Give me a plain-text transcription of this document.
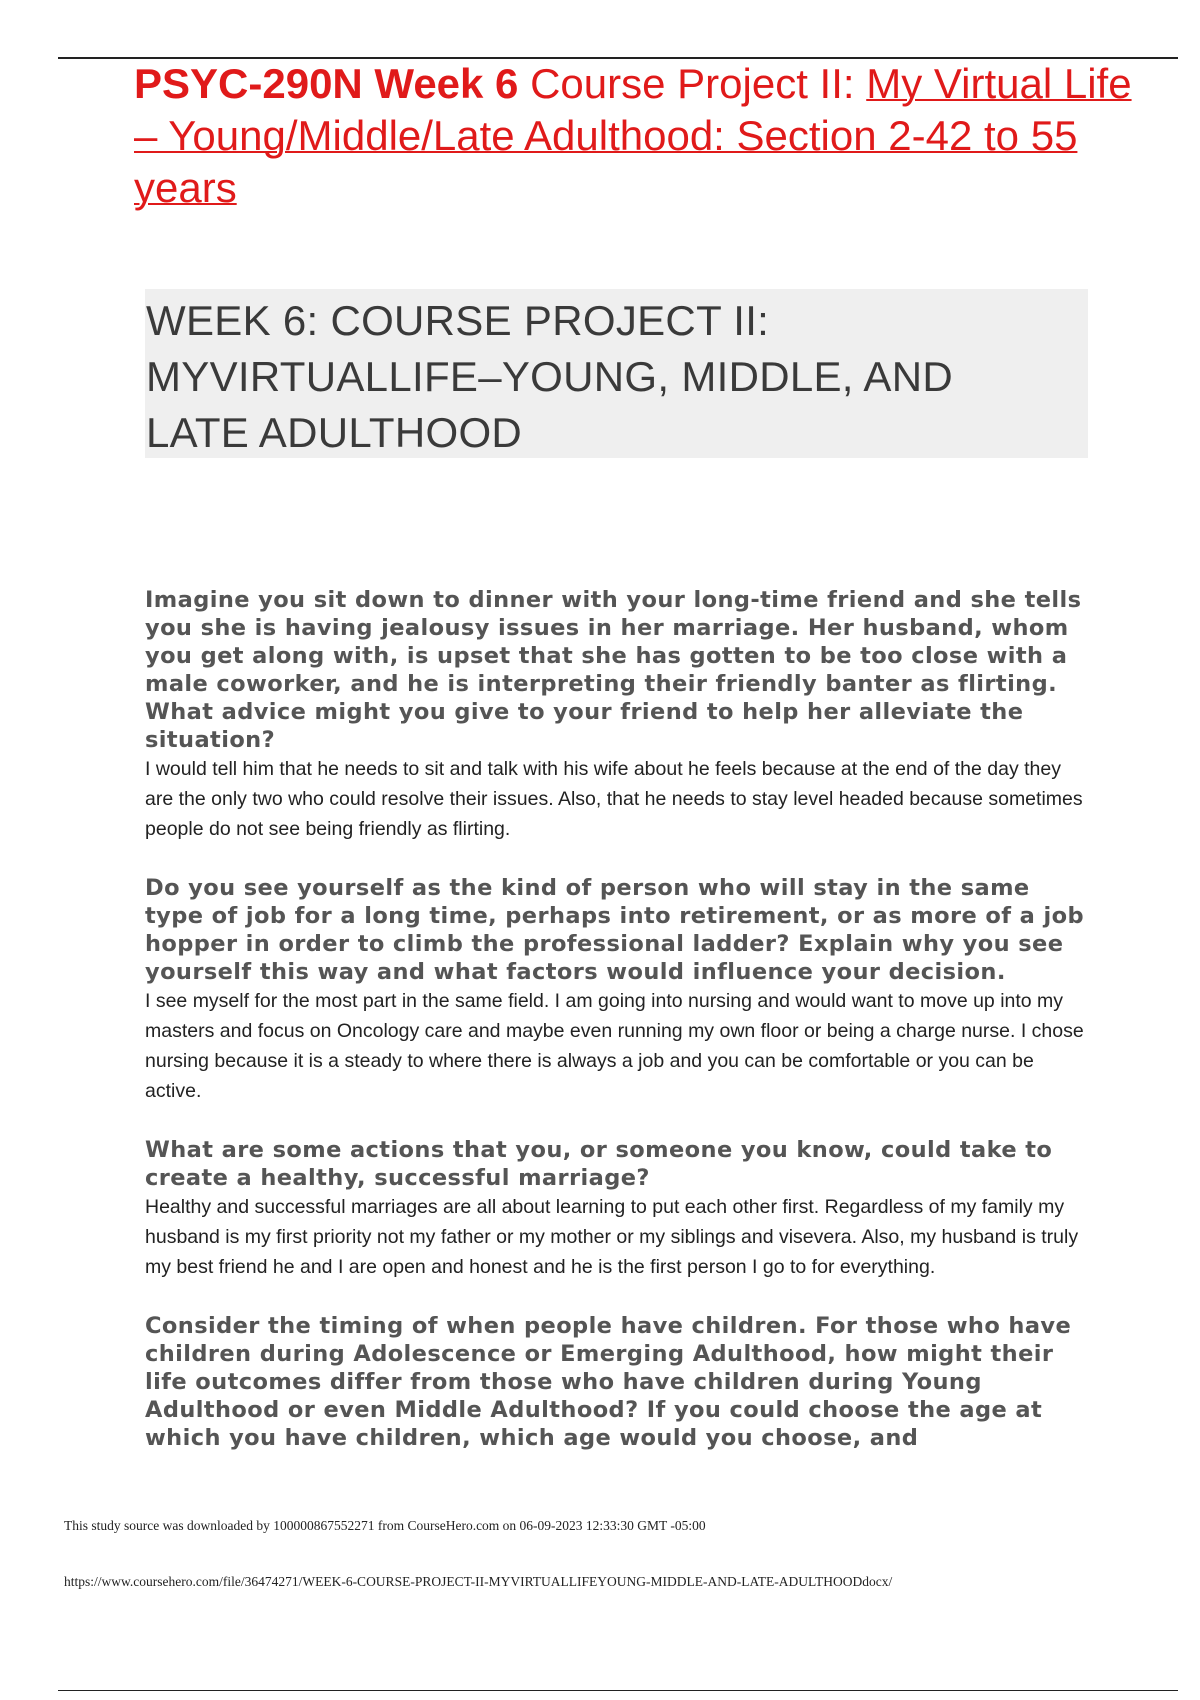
PSYC-290N Week 6 Course Project II: My Virtual Life – Young/Middle/Late Adulthood: Section 2-42 to 55 years

WEEK 6: COURSE PROJECT II:

MYVIRTUALLIFE–YOUNG, MIDDLE, AND

LATE ADULTHOOD

Imagine you sit down to dinner with your long-time friend and she tells you she is having jealousy issues in her marriage. Her husband, whom you get along with, is upset that she has gotten to be too close with a male coworker, and he is interpreting their friendly banter as flirting. What advice might you give to your friend to help her alleviate the situation?

I would tell him that he needs to sit and talk with his wife about he feels because at the end of the day they are the only two who could resolve their issues. Also, that he needs to stay level headed because sometimes people do not see being friendly as flirting.

Do you see yourself as the kind of person who will stay in the same type of job for a long time, perhaps into retirement, or as more of a job hopper in order to climb the professional ladder? Explain why you see yourself this way and what factors would influence your decision.

I see myself for the most part in the same field. I am going into nursing and would want to move up into my masters and focus on Oncology care and maybe even running my own floor or being a charge nurse. I chose nursing because it is a steady to where there is always a job and you can be comfortable or you can be active.

What are some actions that you, or someone you know, could take to create a healthy, successful marriage?

Healthy and successful marriages are all about learning to put each other first. Regardless of my family my husband is my first priority not my father or my mother or my siblings and visevera. Also, my husband is truly my best friend he and I are open and honest and he is the first person I go to for everything.

Consider the timing of when people have children. For those who have children during Adolescence or Emerging Adulthood, how might their life outcomes differ from those who have children during Young Adulthood or even Middle Adulthood? If you could choose the age at which you have children, which age would you choose, and

This study source was downloaded by 100000867552271 from CourseHero.com on 06-09-2023 12:33:30 GMT -05:00
https://www.coursehero.com/file/36474271/WEEK-6-COURSE-PROJECT-II-MYVIRTUALLIFEYOUNG-MIDDLE-AND-LATE-ADULTHOODdocx/
